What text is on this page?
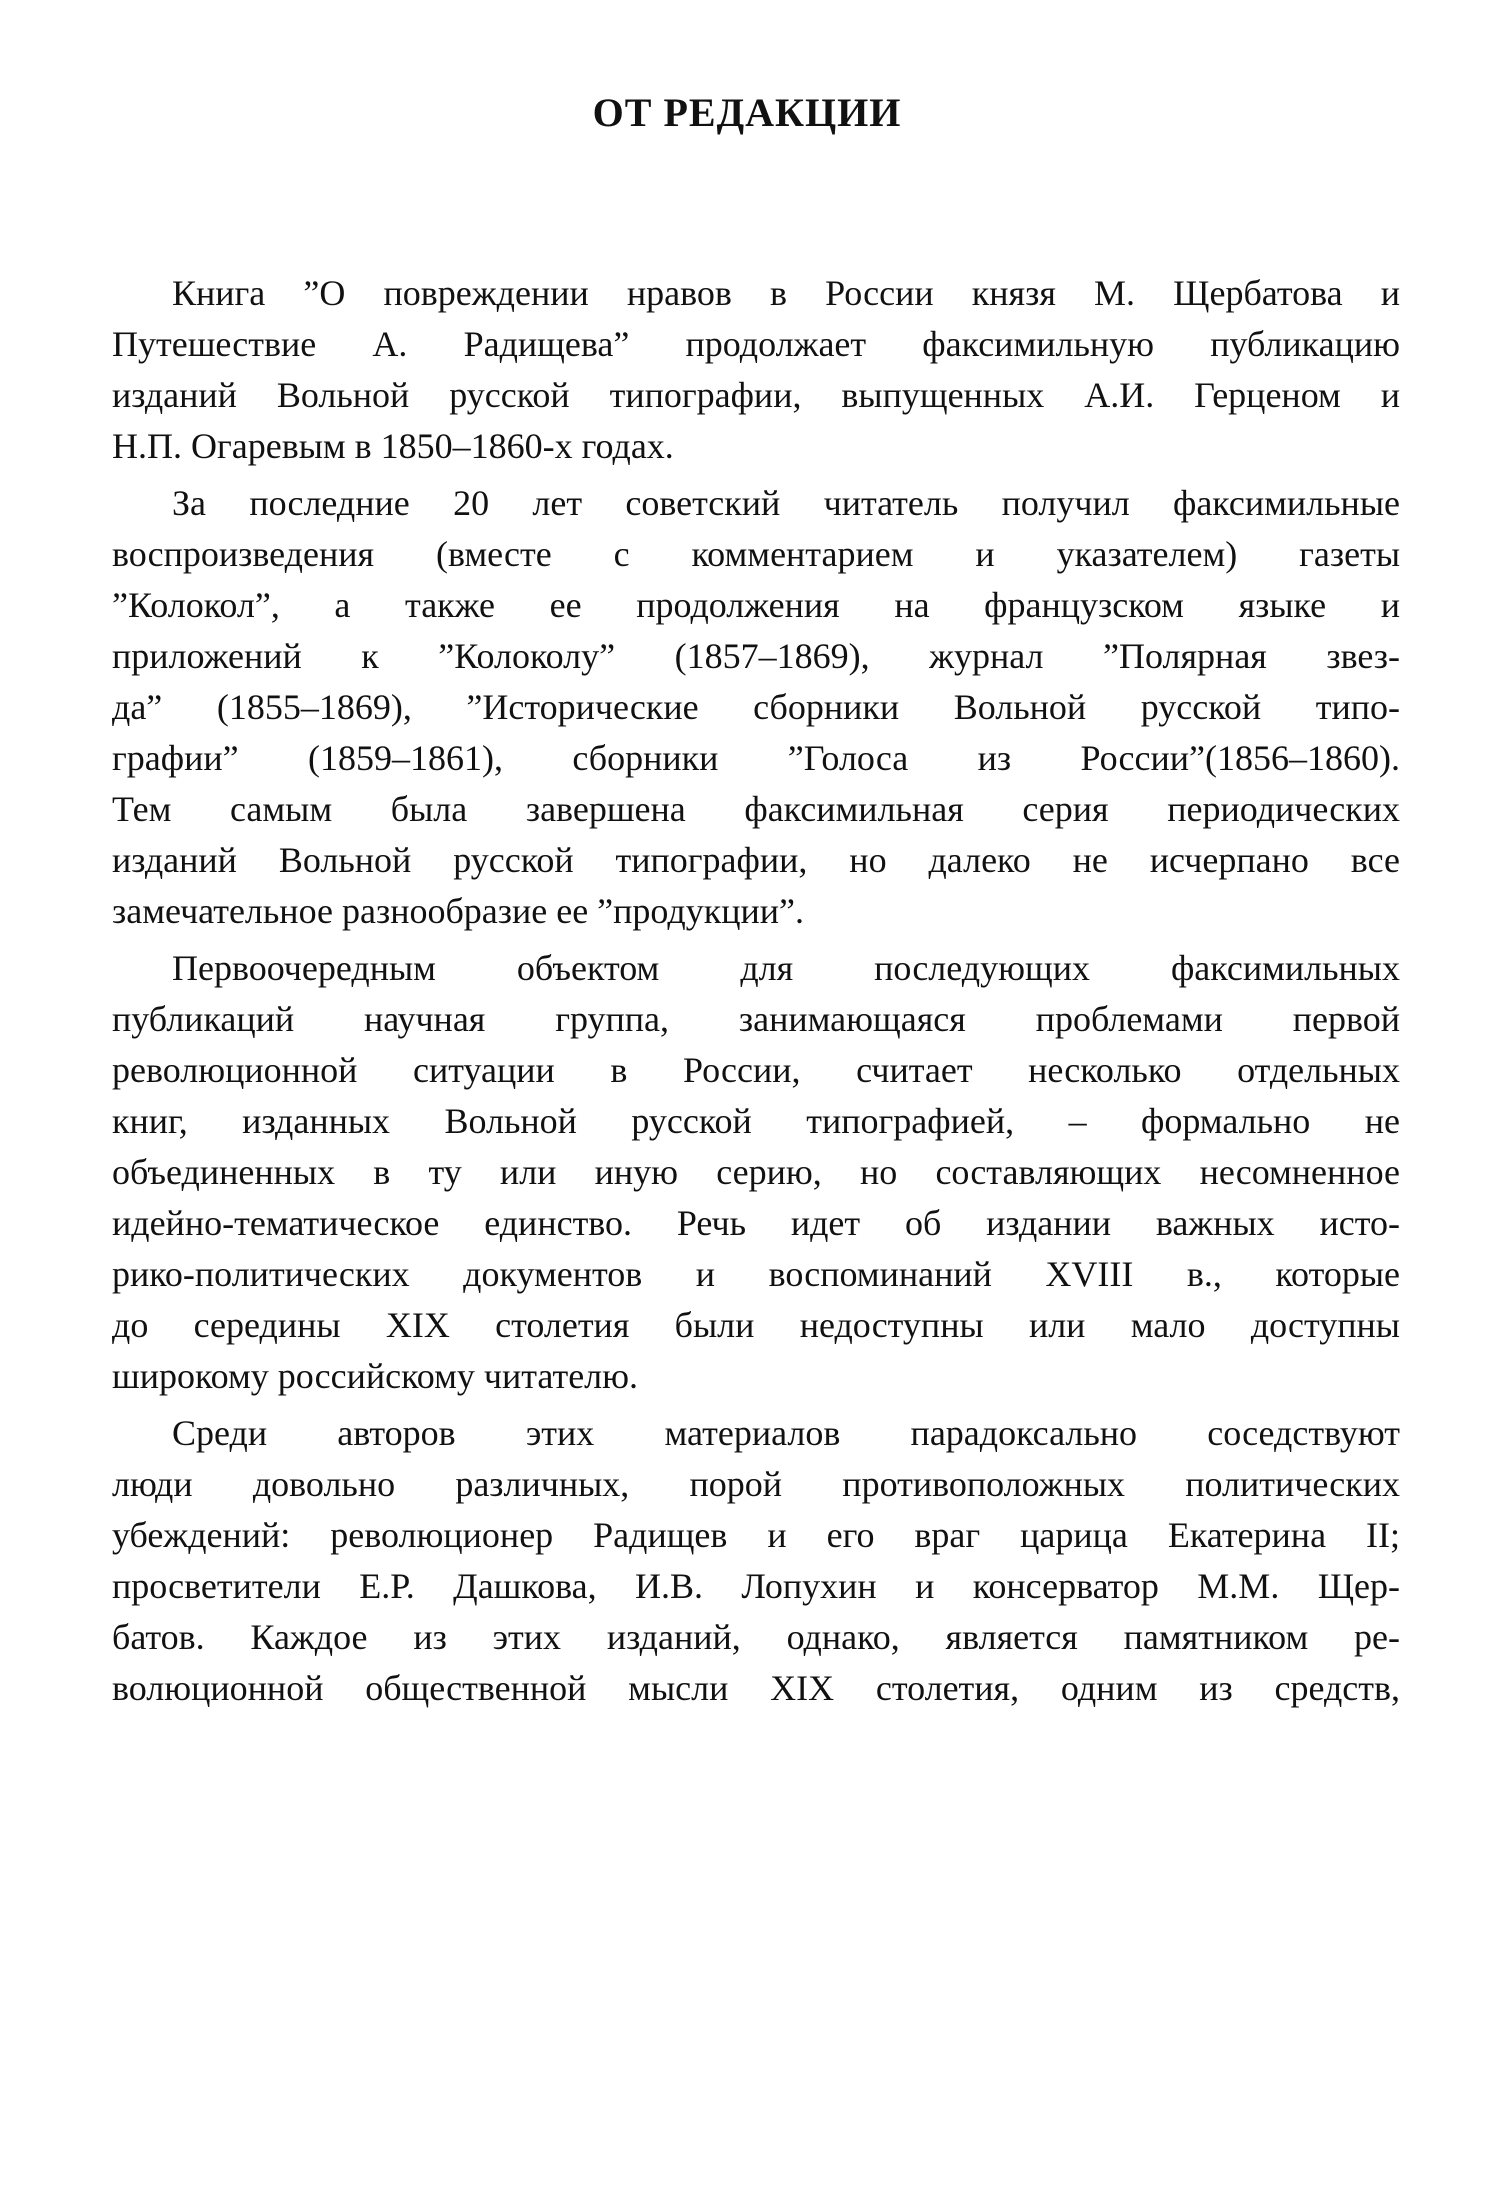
ОТ РЕДАКЦИИ
Книга ”О повреждении нравов в России князя М. Щербатова и
Путешествие А. Радищева” продолжает факсимильную публикацию
изданий Вольной русской типографии, выпущенных А.И. Герценом и
Н.П. Огаревым в 1850–1860-х годах.
За последние 20 лет советский читатель получил факсимильные
воспроизведения (вместе с комментарием и указателем) газеты
”Колокол”, а также ее продолжения на французском языке и
приложений к ”Колоколу” (1857–1869), журнал ”Полярная звез-
да” (1855–1869), ”Исторические сборники Вольной русской типо-
графии” (1859–1861), сборники ”Голоса из России”(1856–1860).
Тем самым была завершена факсимильная серия периодических
изданий Вольной русской типографии, но далеко не исчерпано все
замечательное разнообразие ее ”продукции”.
Первоочередным объектом для последующих факсимильных
публикаций научная группа, занимающаяся проблемами первой
революционной ситуации в России, считает несколько отдельных
книг, изданных Вольной русской типографией, – формально не
объединенных в ту или иную серию, но составляющих несомненное
идейно-тематическое единство. Речь идет об издании важных исто-
рико-политических документов и воспоминаний XVIII в., которые
до середины XIX столетия были недоступны или мало доступны
широкому российскому читателю.
Среди авторов этих материалов парадоксально соседствуют
люди довольно различных, порой противоположных политических
убеждений: революционер Радищев и его враг царица Екатерина II;
просветители Е.Р. Дашкова, И.В. Лопухин и консерватор М.М. Щер-
батов. Каждое из этих изданий, однако, является памятником ре-
волюционной общественной мысли XIX столетия, одним из средств,
